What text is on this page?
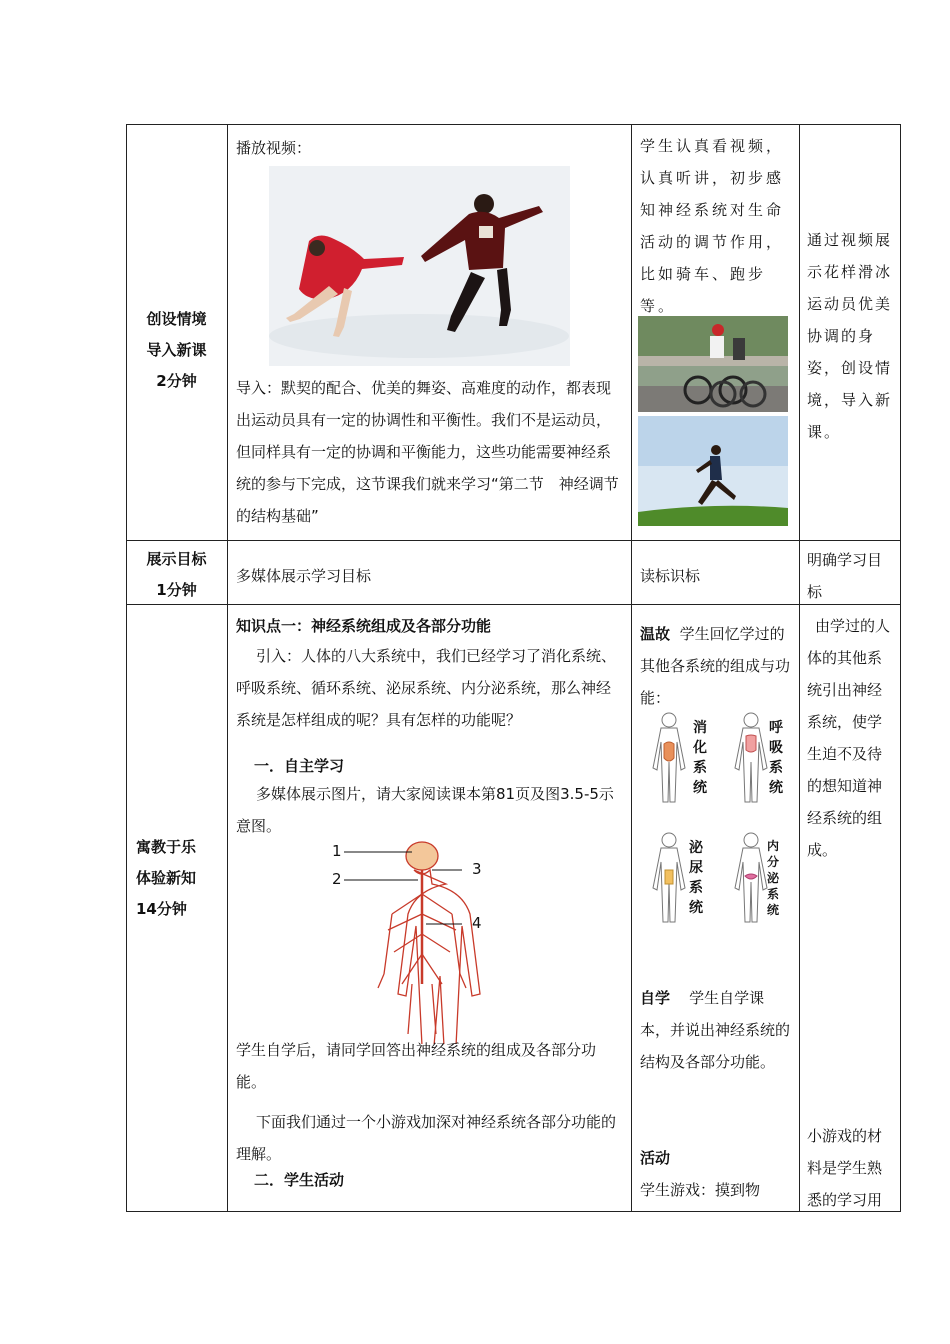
创设情境
导入新课
2分钟
播放视频：
导入：默契的配合、优美的舞姿、高难度的动作，都表现出运动员具有一定的协调性和平衡性。我们不是运动员，但同样具有一定的协调和平衡能力，这些功能需要神经系统的参与下完成，这节课我们就来学习“第二节　神经调节的结构基础”
学生认真看视频，认真听讲，初步感知神经系统对生命活动的调节作用，比如骑车、跑步等。
通过视频展示花样滑冰运动员优美协调的身姿，创设情境，导入新课。
展示目标
1分钟
多媒体展示学习目标	读标识标
明确学习目标
寓教于乐
体验新知
14分钟
知识点一：神经系统组成及各部分功能
引入：人体的八大系统中，我们已经学习了消化系统、呼吸系统、循环系统、泌尿系统、内分泌系统，那么神经系统是怎样组成的呢？具有怎样的功能呢？
一．自主学习
多媒体展示图片，请大家阅读课本第81页及图3.5-5示意图。
1
2
3
4
学生自学后，请同学回答出神经系统的组成及各部分功能。
下面我们通过一个小游戏加深对神经系统各部分功能的理解。
二．学生活动
温故 学生回忆学过的其他各系统的组成与功能：
消化系统
呼吸系统
泌尿系统
内分泌系统
自学 学生自学课本，并说出神经系统的结构及各部分功能。
活动
学生游戏：摸到物
由学过的人体的其他系统引出神经系统，使学生迫不及待的想知道神经系统的组成。
小游戏的材料是学生熟悉的学习用
